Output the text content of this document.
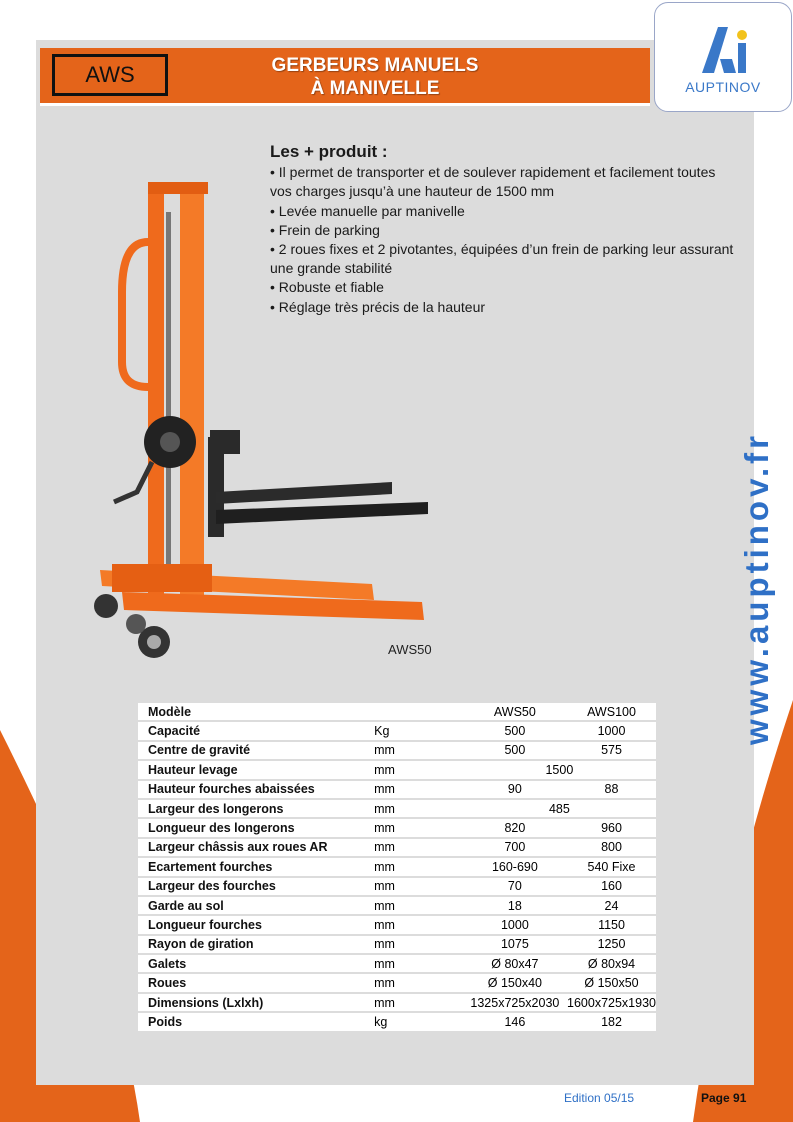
AWS	GERBEURS MANUELS
À MANIVELLE	AUPTINOV
Les + produit :

• Il permet de transporter et de soulever rapidement et facilement toutes vos charges jusqu’à une hauteur de 1500 mm

• Levée manuelle par manivelle

• Frein de parking

• 2 roues fixes et 2 pivotantes, équipées d’un frein de parking leur assurant une grande stabilité

• Robuste et fiable

• Réglage très précis de la hauteur

AWS50	www.auptinov.fr
Modèle		AWS50	AWS100
Capacité	Kg	500	1000
Centre de gravité	mm	500	575
Hauteur levage	mm	1500	
Hauteur fourches abaissées	mm	90	88
Largeur des longerons	mm	485	
Longueur des longerons	mm	820	960
Largeur châssis aux roues AR	mm	700	800
Ecartement fourches	mm	160-690	540 Fixe
Largeur des fourches	mm	70	160
Garde au sol	mm	18	24
Longueur fourches	mm	1000	1150
Rayon de giration	mm	1075	1250
Galets	mm	Ø 80x47	Ø 80x94
Roues	mm	Ø 150x40	Ø 150x50
Dimensions (Lxlxh)	mm	1325x725x2030	1600x725x1930
Poids	kg	146	182
Edition 05/15	Page 91
